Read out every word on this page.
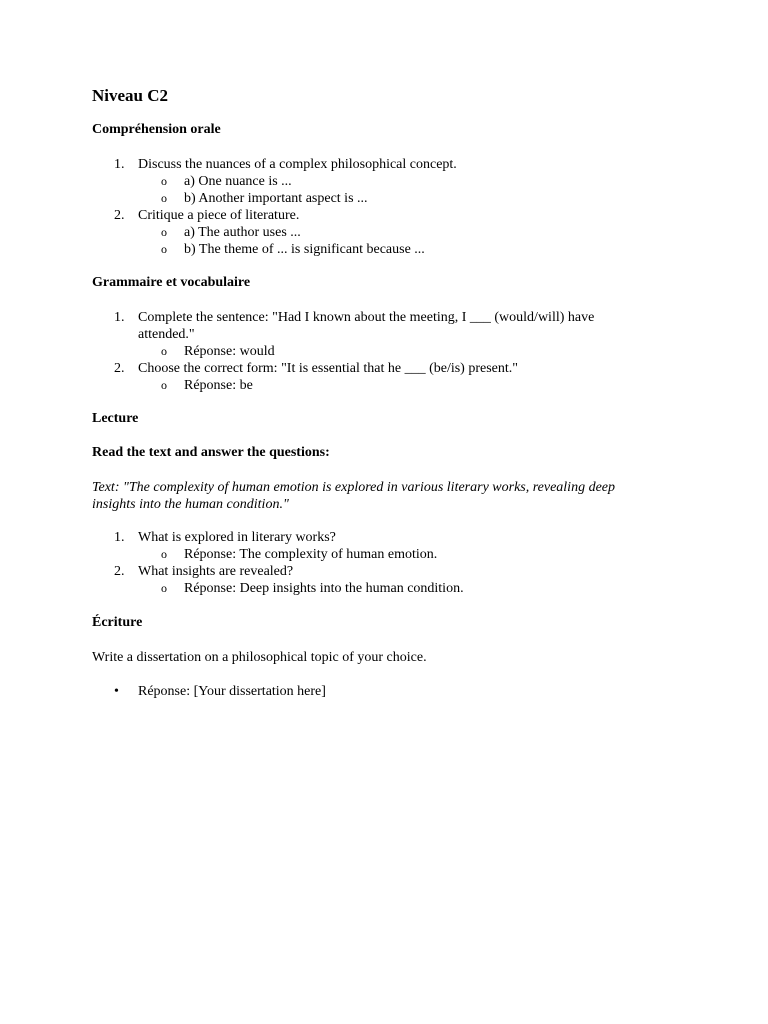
Niveau C2
Compréhension orale
1. Discuss the nuances of a complex philosophical concept.
o a) One nuance is ...
o b) Another important aspect is ...
2. Critique a piece of literature.
o a) The author uses ...
o b) The theme of ... is significant because ...
Grammaire et vocabulaire
1. Complete the sentence: "Had I known about the meeting, I ___ (would/will) have
attended."
o Réponse: would
2. Choose the correct form: "It is essential that he ___ (be/is) present."
o Réponse: be
Lecture
Read the text and answer the questions:
Text: "The complexity of human emotion is explored in various literary works, revealing deep
insights into the human condition."
1. What is explored in literary works?
o Réponse: The complexity of human emotion.
2. What insights are revealed?
o Réponse: Deep insights into the human condition.
Écriture
Write a dissertation on a philosophical topic of your choice.
• Réponse: [Your dissertation here]
